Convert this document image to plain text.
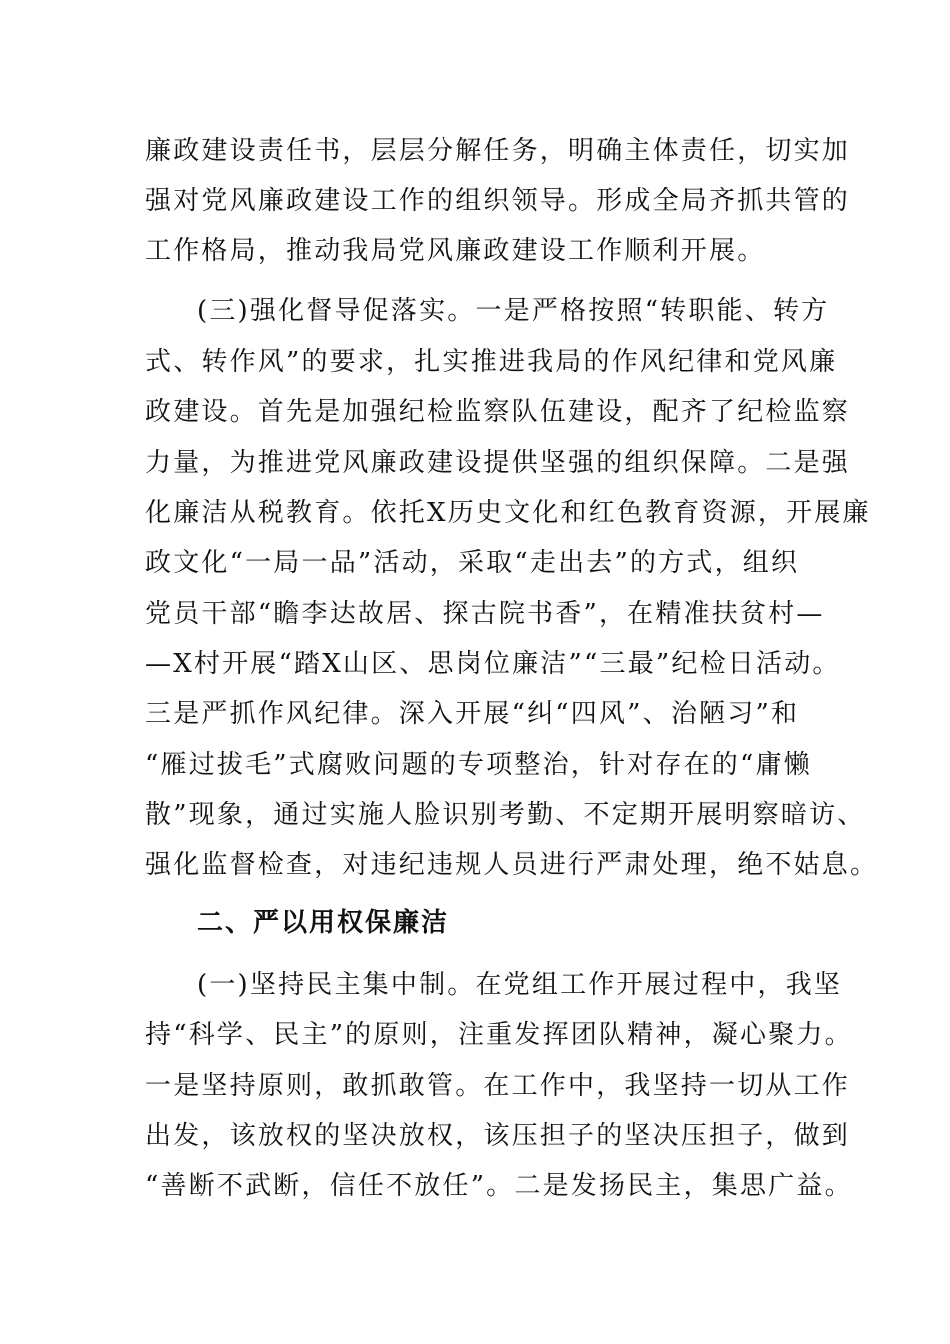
廉政建设责任书，层层分解任务，明确主体责任，切实加
强对党风廉政建设工作的组织领导。形成全局齐抓共管的
工作格局，推动我局党风廉政建设工作顺利开展。
(三)强化督导促落实。一是严格按照“转职能、转方
式、转作风”的要求，扎实推进我局的作风纪律和党风廉
政建设。首先是加强纪检监察队伍建设，配齐了纪检监察
力量，为推进党风廉政建设提供坚强的组织保障。二是强
化廉洁从税教育。依托X历史文化和红色教育资源，开展廉
政文化“一局一品”活动，采取“走出去”的方式，组织
党员干部“瞻李达故居、探古院书香”，在精准扶贫村—
—X村开展“踏X山区、思岗位廉洁”“三最”纪检日活动。
三是严抓作风纪律。深入开展“纠“四风”、治陋习”和
“雁过拔毛”式腐败问题的专项整治，针对存在的“庸懒
散”现象，通过实施人脸识别考勤、不定期开展明察暗访、
强化监督检查，对违纪违规人员进行严肃处理，绝不姑息。
二、严以用权保廉洁
(一)坚持民主集中制。在党组工作开展过程中，我坚
持“科学、民主”的原则，注重发挥团队精神，凝心聚力。
一是坚持原则，敢抓敢管。在工作中，我坚持一切从工作
出发，该放权的坚决放权，该压担子的坚决压担子，做到
“善断不武断，信任不放任”。二是发扬民主，集思广益。
